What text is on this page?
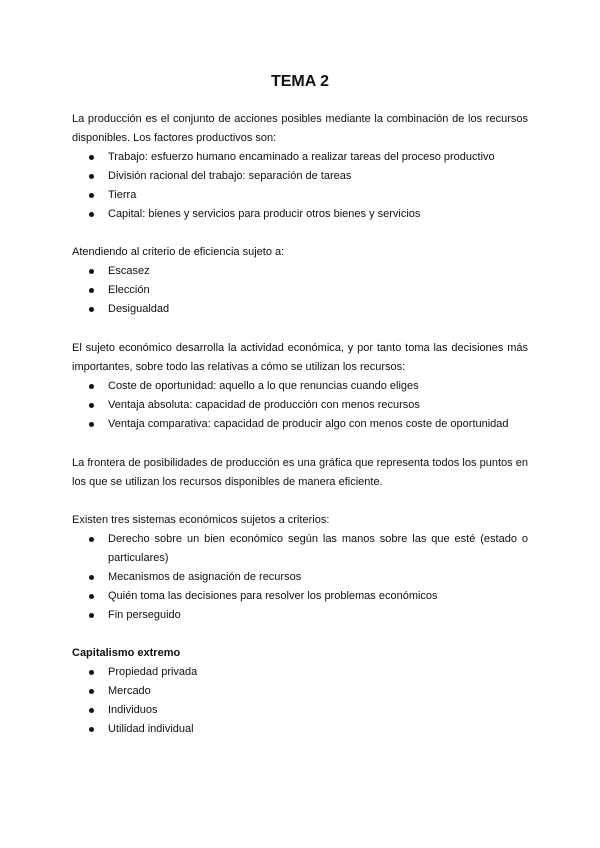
TEMA 2
La producción es el conjunto de acciones posibles mediante la combinación de los recursos disponibles. Los factores productivos son:
Trabajo: esfuerzo humano encaminado a realizar tareas del proceso productivo
División racional del trabajo: separación de tareas
Tierra
Capital: bienes y servicios para producir otros bienes y servicios
Atendiendo al criterio de eficiencia sujeto a:
Escasez
Elección
Desigualdad
El sujeto económico desarrolla la actividad económica, y por tanto toma las decisiones más importantes, sobre todo las relativas a cómo se utilizan los recursos:
Coste de oportunidad: aquello a lo que renuncias cuando eliges
Ventaja absoluta: capacidad de producción con menos recursos
Ventaja comparativa: capacidad de producir algo con menos coste de oportunidad
La frontera de posibilidades de producción es una gráfica que representa todos los puntos en los que se utilizan los recursos disponibles de manera eficiente.
Existen tres sistemas económicos sujetos a criterios:
Derecho sobre un bien económico según las manos sobre las que esté (estado o particulares)
Mecanismos de asignación de recursos
Quién toma las decisiones para resolver los problemas económicos
Fin perseguido
Capitalismo extremo
Propiedad privada
Mercado
Individuos
Utilidad individual
